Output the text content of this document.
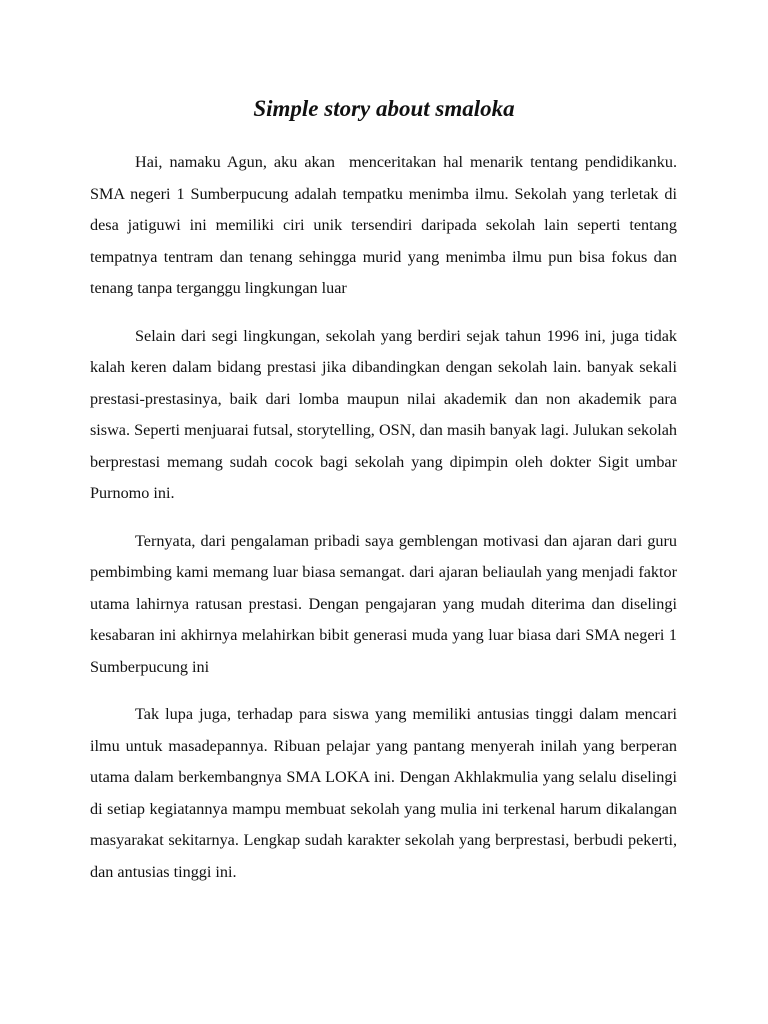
Simple story about smaloka

Hai, namaku Agun, aku akan  menceritakan hal menarik tentang pendidikanku. SMA negeri 1 Sumberpucung adalah tempatku menimba ilmu. Sekolah yang terletak di desa jatiguwi ini memiliki ciri unik tersendiri daripada sekolah lain seperti tentang tempatnya tentram dan tenang sehingga murid yang menimba ilmu pun bisa fokus dan tenang tanpa terganggu lingkungan luar

Selain dari segi lingkungan, sekolah yang berdiri sejak tahun 1996 ini, juga tidak kalah keren dalam bidang prestasi jika dibandingkan dengan sekolah lain. banyak sekali prestasi-prestasinya, baik dari lomba maupun nilai akademik dan non akademik para siswa. Seperti menjuarai futsal, storytelling, OSN, dan masih banyak lagi. Julukan sekolah berprestasi memang sudah cocok bagi sekolah yang dipimpin oleh dokter Sigit umbar Purnomo ini.

Ternyata, dari pengalaman pribadi saya gemblengan motivasi dan ajaran dari guru pembimbing kami memang luar biasa semangat. dari ajaran beliaulah yang menjadi faktor utama lahirnya ratusan prestasi. Dengan pengajaran yang mudah diterima dan diselingi kesabaran ini akhirnya melahirkan bibit generasi muda yang luar biasa dari SMA negeri 1 Sumberpucung ini

Tak lupa juga, terhadap para siswa yang memiliki antusias tinggi dalam mencari ilmu untuk masadepannya. Ribuan pelajar yang pantang menyerah inilah yang berperan utama dalam berkembangnya SMA LOKA ini. Dengan Akhlakmulia yang selalu diselingi di setiap kegiatannya mampu membuat sekolah yang mulia ini terkenal harum dikalangan masyarakat sekitarnya. Lengkap sudah karakter sekolah yang berprestasi, berbudi pekerti, dan antusias tinggi ini.
